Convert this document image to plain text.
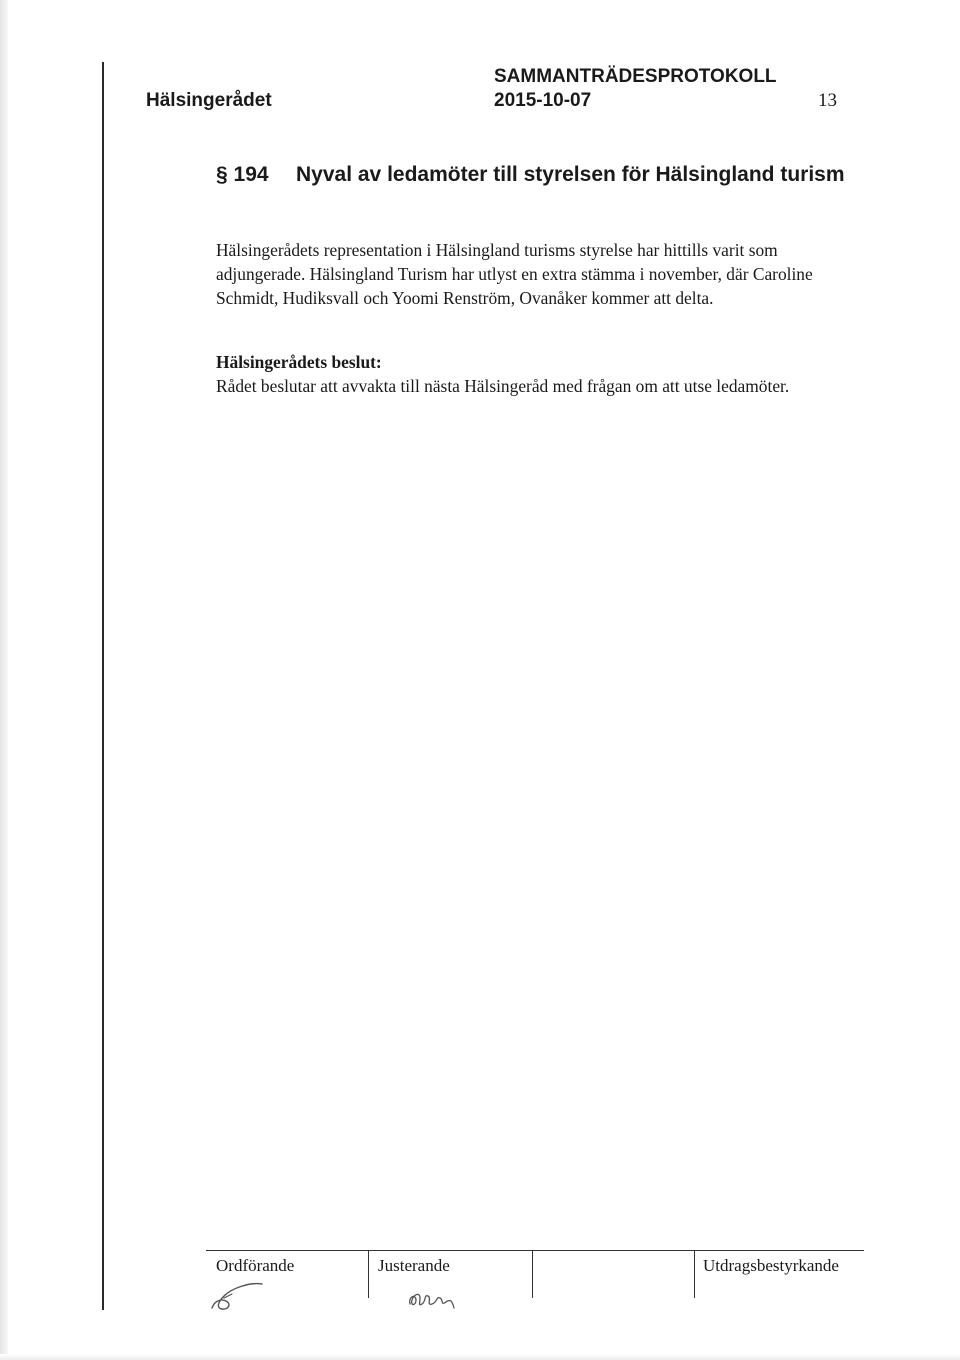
Hälsingerådet
SAMMANTRÄDESPROTOKOLL
2015-10-07	13
§ 194 Nyval av ledamöter till styrelsen för Hälsingland turism

Hälsingerådets representation i Hälsingland turisms styrelse har hittills varit som adjungerade. Hälsingland Turism har utlyst en extra stämma i november, där Caroline Schmidt, Hudiksvall och Yoomi Renström, Ovanåker kommer att delta.

Hälsingerådets beslut:
Rådet beslutar att avvakta till nästa Hälsingeråd med frågan om att utse ledamöter.
Ordförande	Justerande	Utdragsbestyrkande
